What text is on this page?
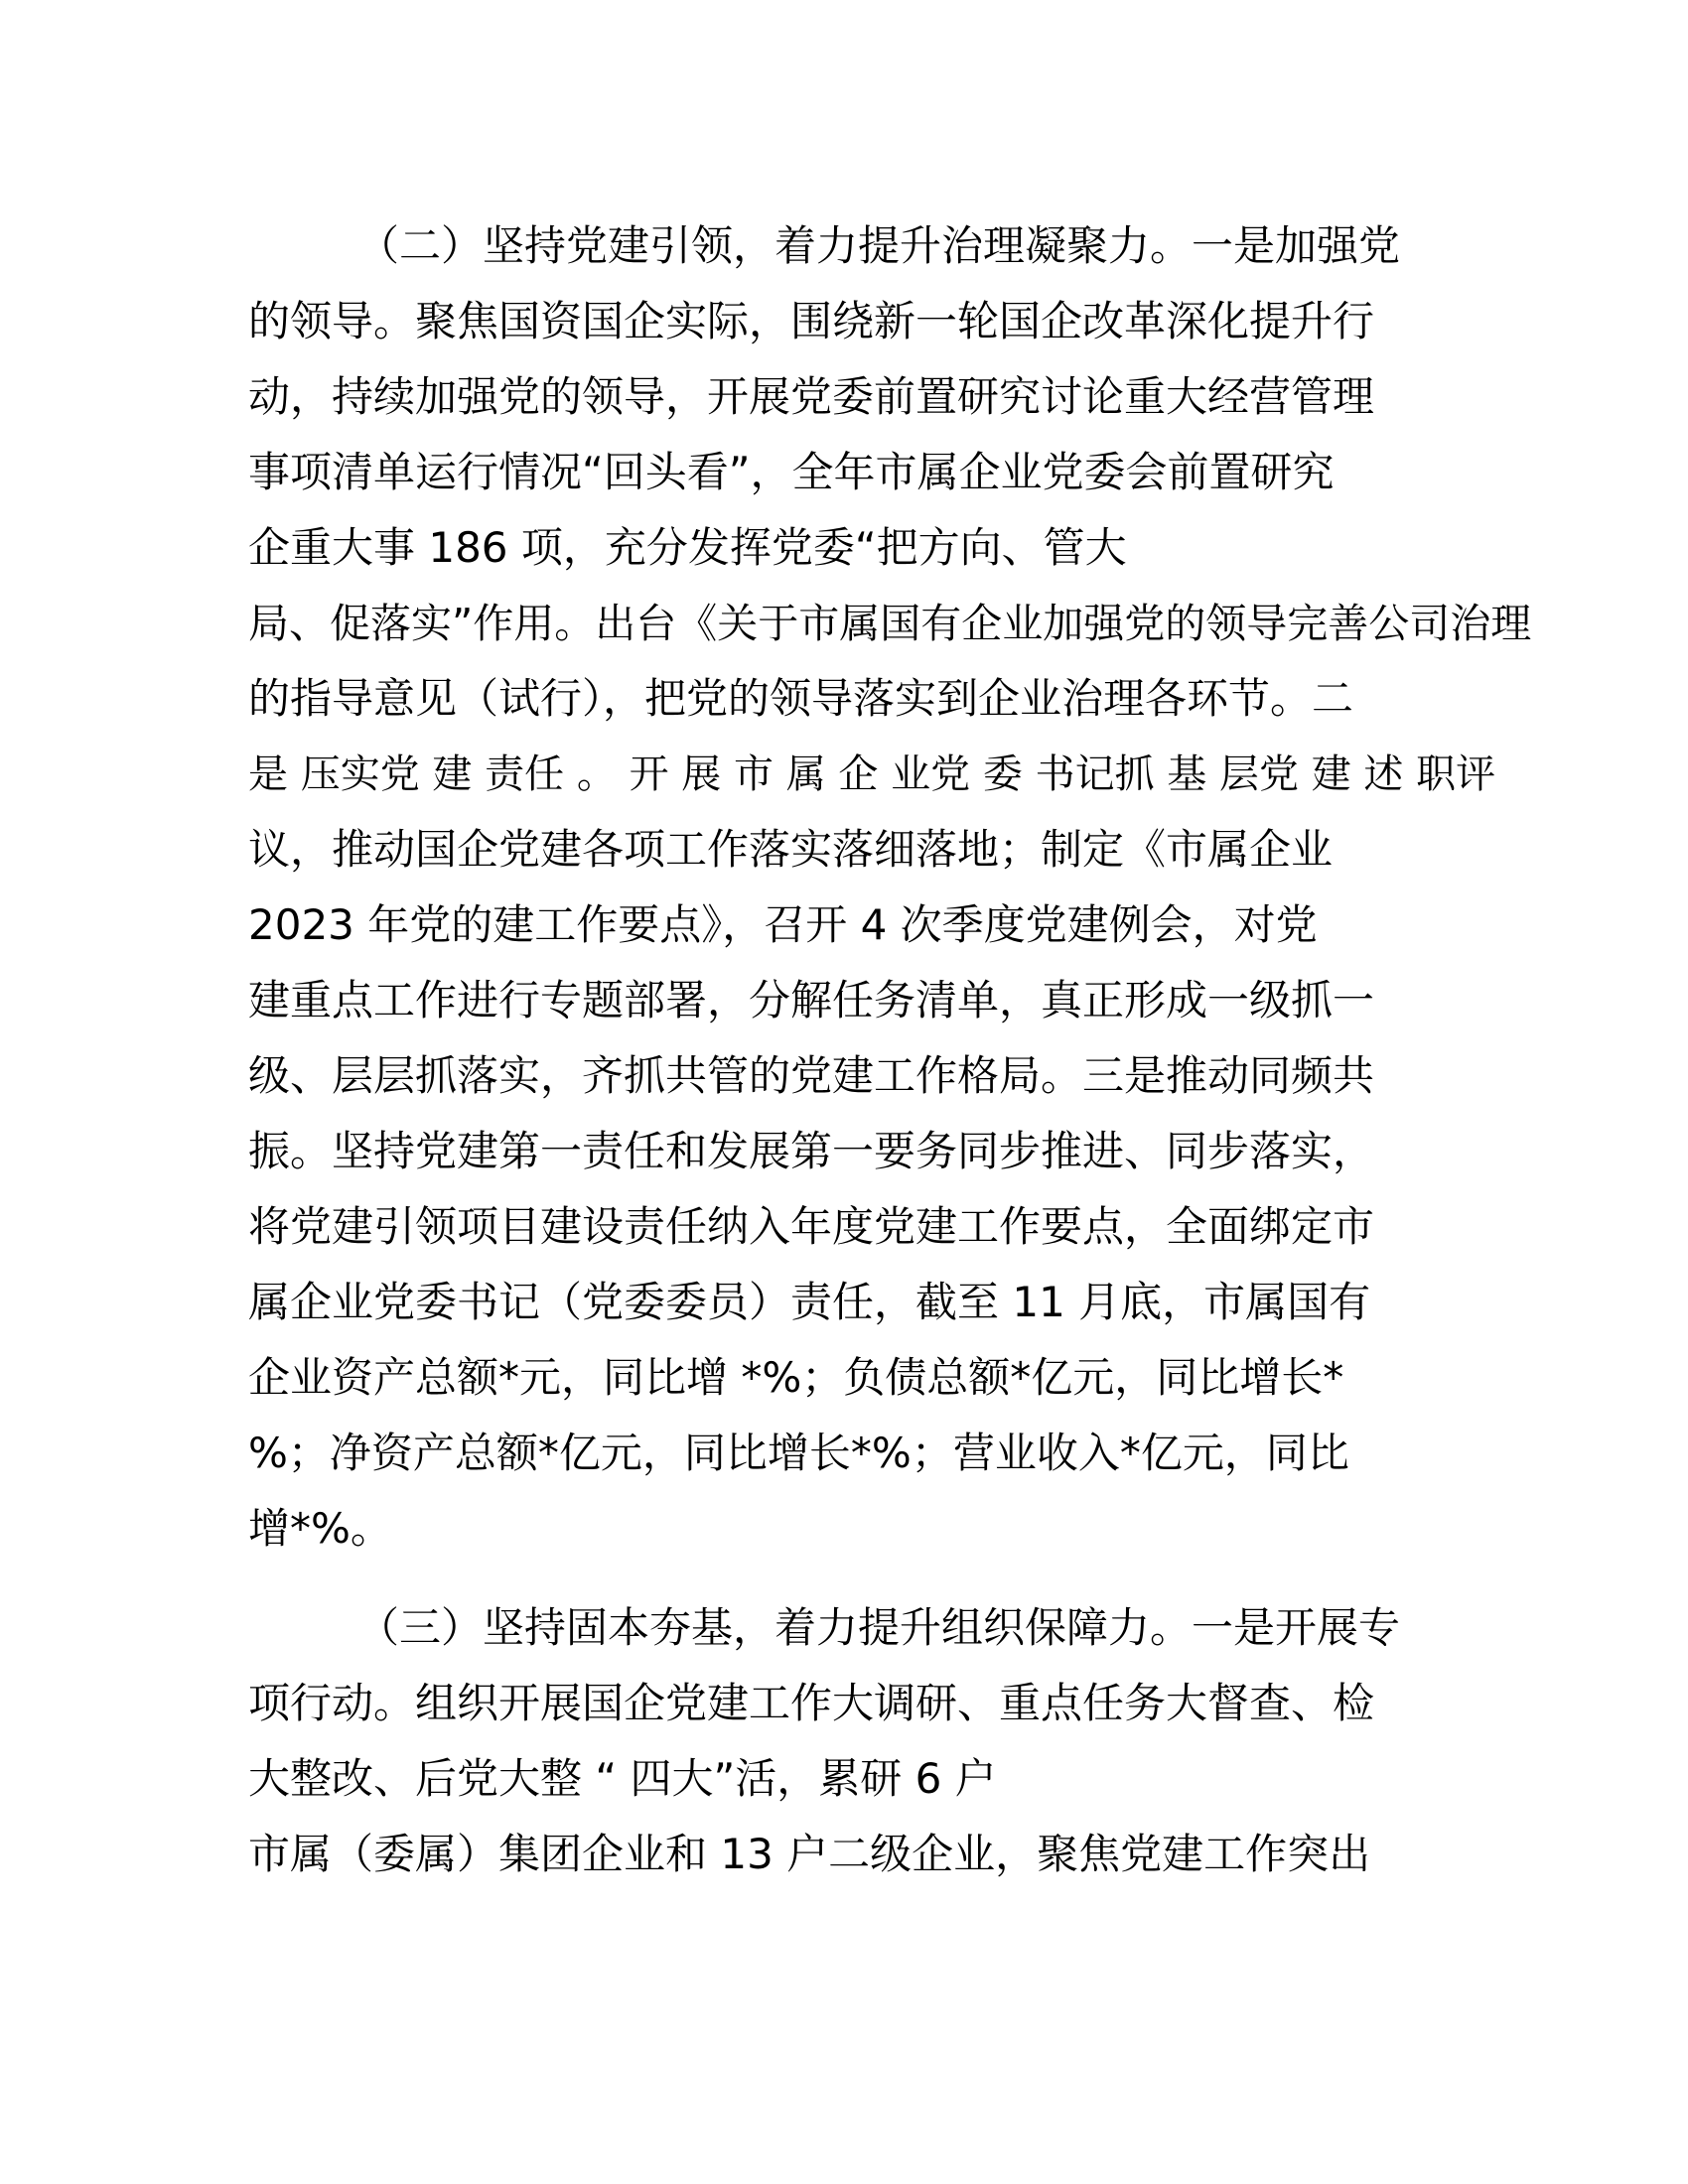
（二）坚持党建引领，着力提升治理凝聚力。一是加强党
的领导。聚焦国资国企实际，围绕新一轮国企改革深化提升行
动，持续加强党的领导，开展党委前置研究讨论重大经营管理
事项清单运行情况“回头看”，全年市属企业党委会前置研究
企重大事 186 项，充分发挥党委“把方向、管大
局、促落实”作用。出台《关于市属国有企业加强党的领导完善公司治理
的指导意见（试行），把党的领导落实到企业治理各环节。二
是 压实党 建 责任 。 开 展 市 属 企 业党 委 书记抓 基 层党 建 述 职评
议，推动国企党建各项工作落实落细落地；制定《市属企业
2023 年党的建工作要点》，召开 4 次季度党建例会，对党
建重点工作进行专题部署，分解任务清单，真正形成一级抓一
级、层层抓落实，齐抓共管的党建工作格局。三是推动同频共
振。坚持党建第一责任和发展第一要务同步推进、同步落实，
将党建引领项目建设责任纳入年度党建工作要点，全面绑定市
属企业党委书记（党委委员）责任，截至 11 月底，市属国有
企业资产总额*元，同比增 *%；负债总额*亿元，同比增长*
%；净资产总额*亿元，同比增长*%；营业收入*亿元，同比
增*%。
（三）坚持固本夯基，着力提升组织保障力。一是开展专
项行动。组织开展国企党建工作大调研、重点任务大督查、检
大整改、后党大整 “ 四大”活，累研 6 户
市属（委属）集团企业和 13 户二级企业，聚焦党建工作突出
